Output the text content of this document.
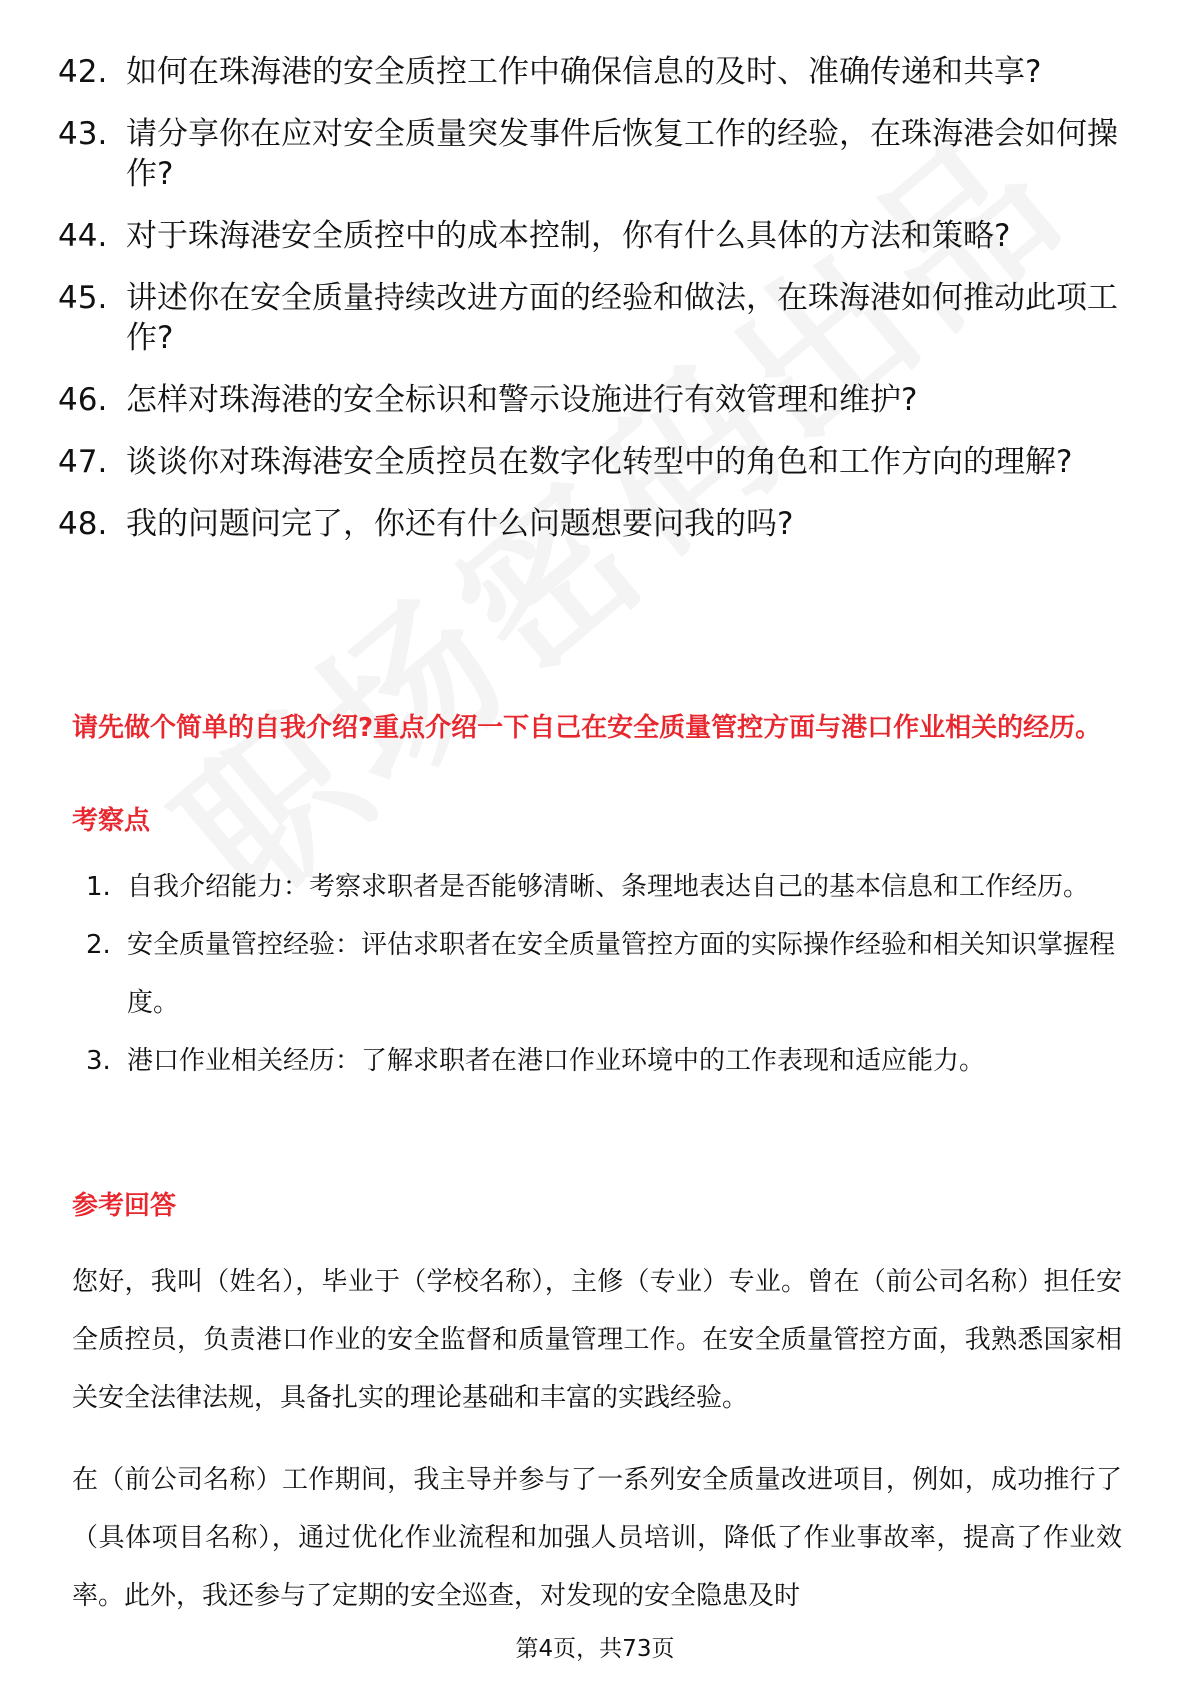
42. 如何在珠海港的安全质控工作中确保信息的及时、准确传递和共享?
43. 请分享你在应对安全质量突发事件后恢复工作的经验，在珠海港会如何操作?
44. 对于珠海港安全质控中的成本控制，你有什么具体的方法和策略?
45. 讲述你在安全质量持续改进方面的经验和做法，在珠海港如何推动此项工作?
46. 怎样对珠海港的安全标识和警示设施进行有效管理和维护?
47. 谈谈你对珠海港安全质控员在数字化转型中的角色和工作方向的理解?
48. 我的问题问完了，你还有什么问题想要问我的吗?
请先做个简单的自我介绍?重点介绍一下自己在安全质量管控方面与港口作业相关的经历。
考察点
1. 自我介绍能力：考察求职者是否能够清晰、条理地表达自己的基本信息和工作经历。
2. 安全质量管控经验：评估求职者在安全质量管控方面的实际操作经验和相关知识掌握程度。
3. 港口作业相关经历：了解求职者在港口作业环境中的工作表现和适应能力。
参考回答

您好，我叫（姓名），毕业于（学校名称），主修（专业）专业。曾在（前公司名称）担任安全质控员，负责港口作业的安全监督和质量管理工作。在安全质量管控方面，我熟悉国家相关安全法律法规，具备扎实的理论基础和丰富的实践经验。

在（前公司名称）工作期间，我主导并参与了一系列安全质量改进项目，例如，成功推行了（具体项目名称），通过优化作业流程和加强人员培训，降低了作业事故率，提高了作业效率。此外，我还参与了定期的安全巡查，对发现的安全隐患及时

第4页，共73页
